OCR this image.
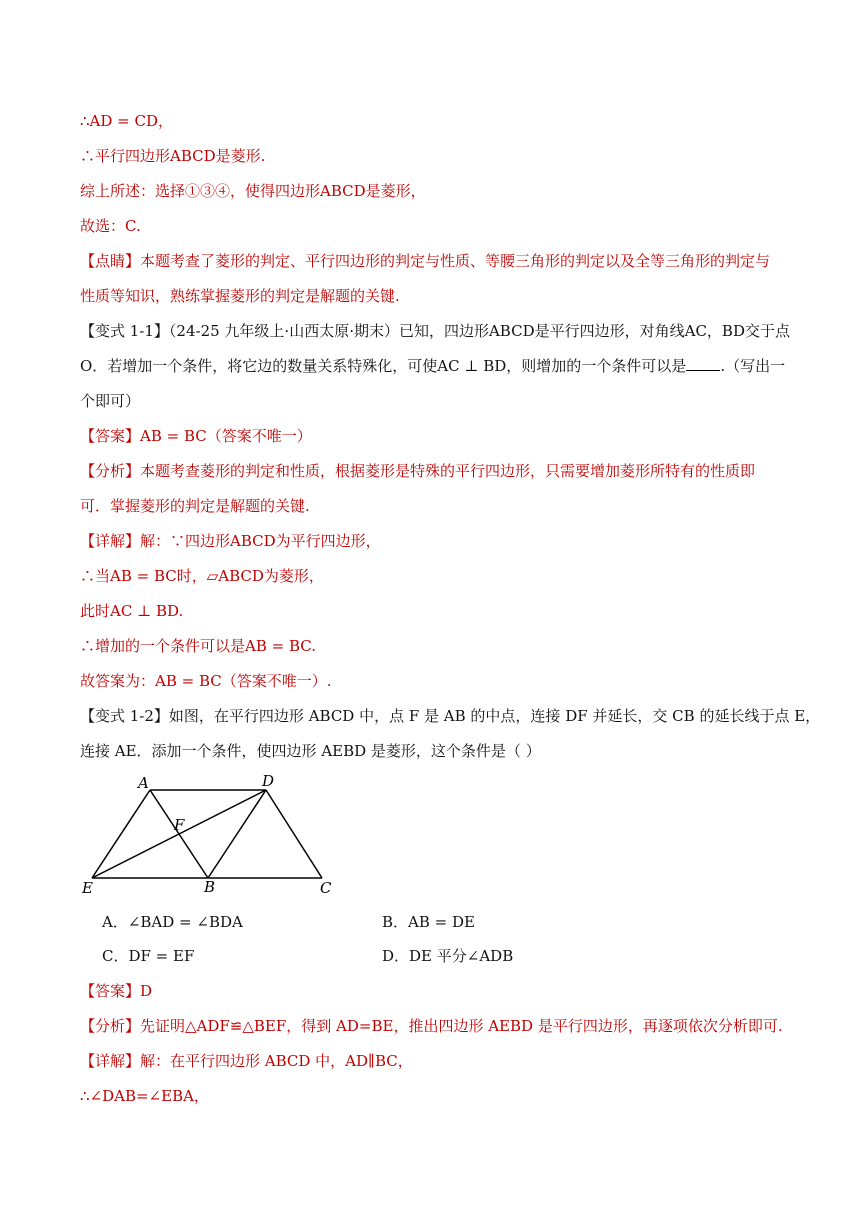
∴AD = CD，
∴平行四边形ABCD是菱形.
综上所述：选择①③④，使得四边形ABCD是菱形，
故选：C.
【点睛】本题考查了菱形的判定、平行四边形的判定与性质、等腰三角形的判定以及全等三角形的判定与
性质等知识，熟练掌握菱形的判定是解题的关键.
【变式 1-1】（24-25 九年级上·山西太原·期末）已知，四边形ABCD是平行四边形，对角线AC，BD交于点
O．若增加一个条件，将它边的数量关系特殊化，可使AC ⊥ BD，则增加的一个条件可以是 .（写出一
个即可）
【答案】AB = BC（答案不唯一）
【分析】本题考查菱形的判定和性质，根据菱形是特殊的平行四边形，只需要增加菱形所特有的性质即
可．掌握菱形的判定是解题的关键.
【详解】解：∵四边形ABCD为平行四边形，
∴当AB = BC时，▱ABCD为菱形，
此时AC ⊥ BD.
∴增加的一个条件可以是AB = BC.
故答案为：AB = BC（答案不唯一）.
【变式 1-2】如图，在平行四边形 ABCD 中，点 F 是 AB 的中点，连接 DF 并延长，交 CB 的延长线于点 E，
连接 AE．添加一个条件，使四边形 AEBD 是菱形，这个条件是（ ）
A	D
F
E	B	C
A．∠BAD = ∠BDA	B．AB = DE
C．DF = EF	D．DE 平分∠ADB
【答案】D
【分析】先证明△ADF≌△BEF，得到 AD=BE，推出四边形 AEBD 是平行四边形，再逐项依次分析即可.
【详解】解：在平行四边形 ABCD 中，AD∥BC，
∴∠DAB=∠EBA，
